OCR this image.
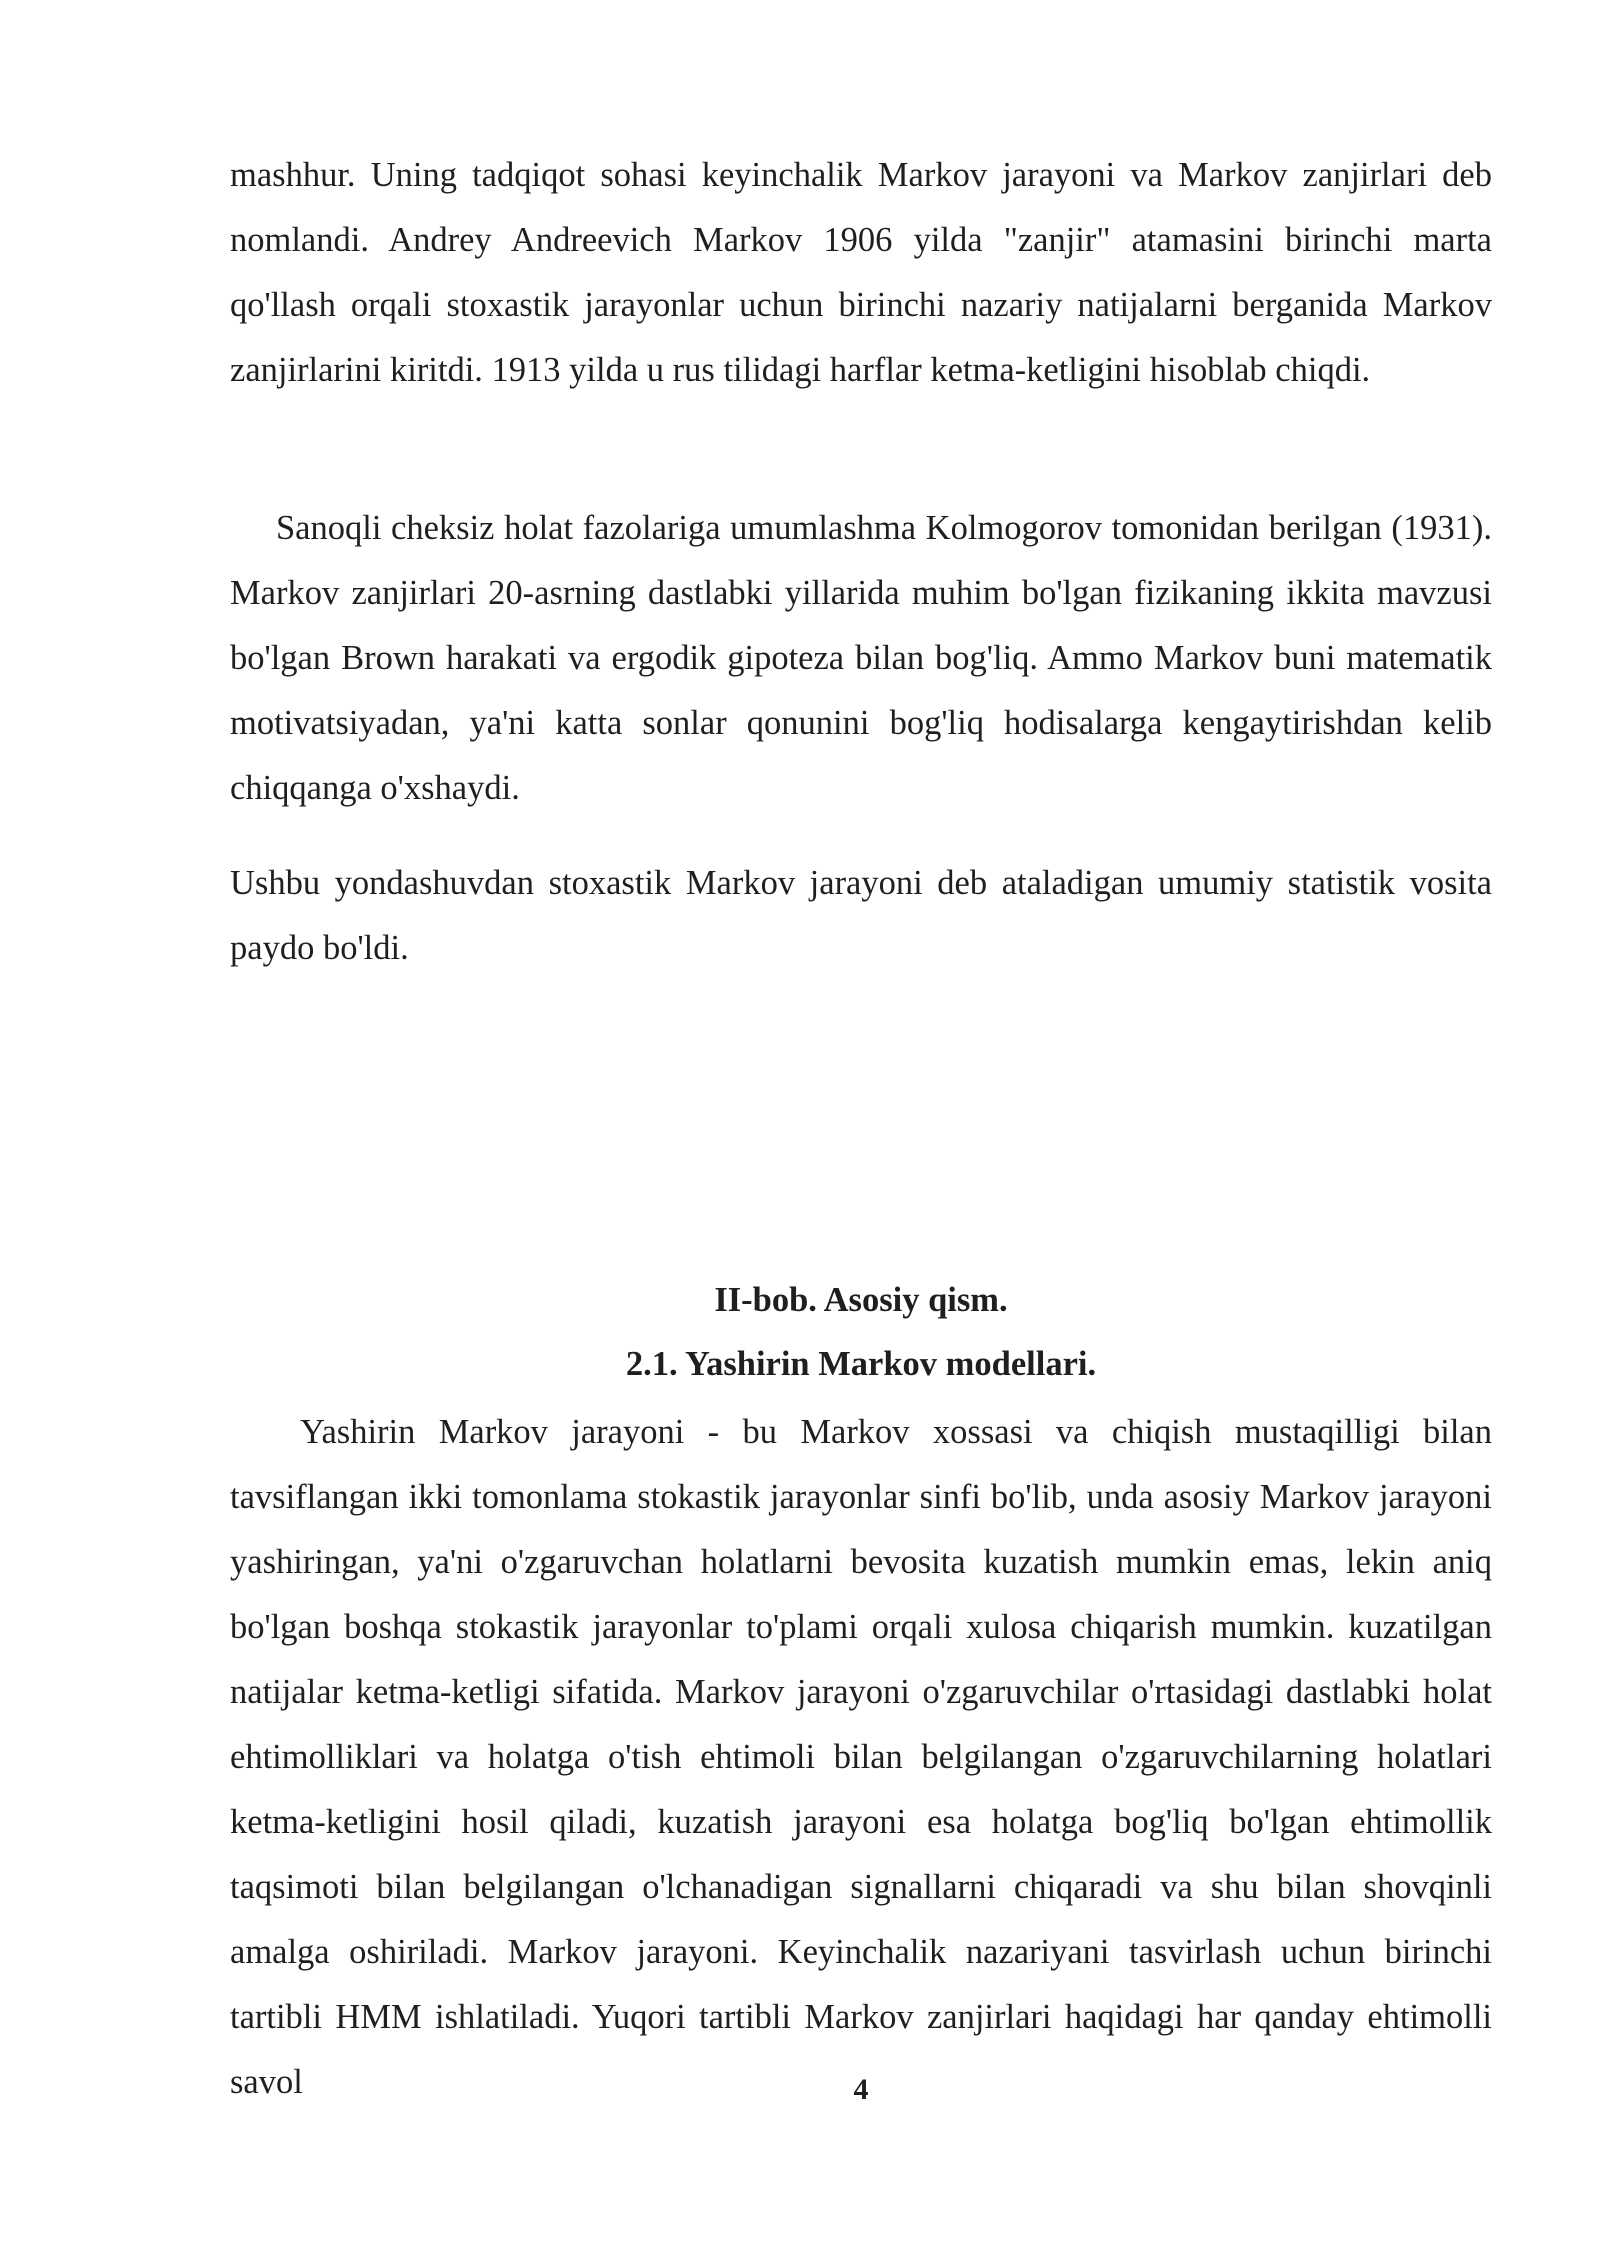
mashhur. Uning tadqiqot sohasi keyinchalik Markov jarayoni va Markov zanjirlari deb nomlandi. Andrey Andreevich Markov 1906 yilda "zanjir" atamasini birinchi marta qo'llash orqali stoxastik jarayonlar uchun birinchi nazariy natijalarni berganida Markov zanjirlarini kiritdi. 1913 yilda u rus tilidagi harflar ketma-ketligini hisoblab chiqdi.

Sanoqli cheksiz holat fazolariga umumlashma Kolmogorov tomonidan berilgan (1931). Markov zanjirlari 20-asrning dastlabki yillarida muhim bo'lgan fizikaning ikkita mavzusi bo'lgan Brown harakati va ergodik gipoteza bilan bog'liq. Ammo Markov buni matematik motivatsiyadan, ya'ni katta sonlar qonunini bog'liq hodisalarga kengaytirishdan kelib chiqqanga o'xshaydi.

Ushbu yondashuvdan stoxastik Markov jarayoni deb ataladigan umumiy statistik vosita paydo bo'ldi.

II-bob. Asosiy qism.
2.1. Yashirin Markov modellari.

Yashirin Markov jarayoni - bu Markov xossasi va chiqish mustaqilligi bilan tavsiflangan ikki tomonlama stokastik jarayonlar sinfi bo'lib, unda asosiy Markov jarayoni yashiringan, ya'ni o'zgaruvchan holatlarni bevosita kuzatish mumkin emas, lekin aniq bo'lgan boshqa stokastik jarayonlar to'plami orqali xulosa chiqarish mumkin. kuzatilgan natijalar ketma-ketligi sifatida. Markov jarayoni o'zgaruvchilar o'rtasidagi dastlabki holat ehtimolliklari va holatga o'tish ehtimoli bilan belgilangan o'zgaruvchilarning holatlari ketma-ketligini hosil qiladi, kuzatish jarayoni esa holatga bog'liq bo'lgan ehtimollik taqsimoti bilan belgilangan o'lchanadigan signallarni chiqaradi va shu bilan shovqinli amalga oshiriladi. Markov jarayoni. Keyinchalik nazariyani tasvirlash uchun birinchi tartibli HMM ishlatiladi. Yuqori tartibli Markov zanjirlari haqidagi har qanday ehtimolli savol	4
